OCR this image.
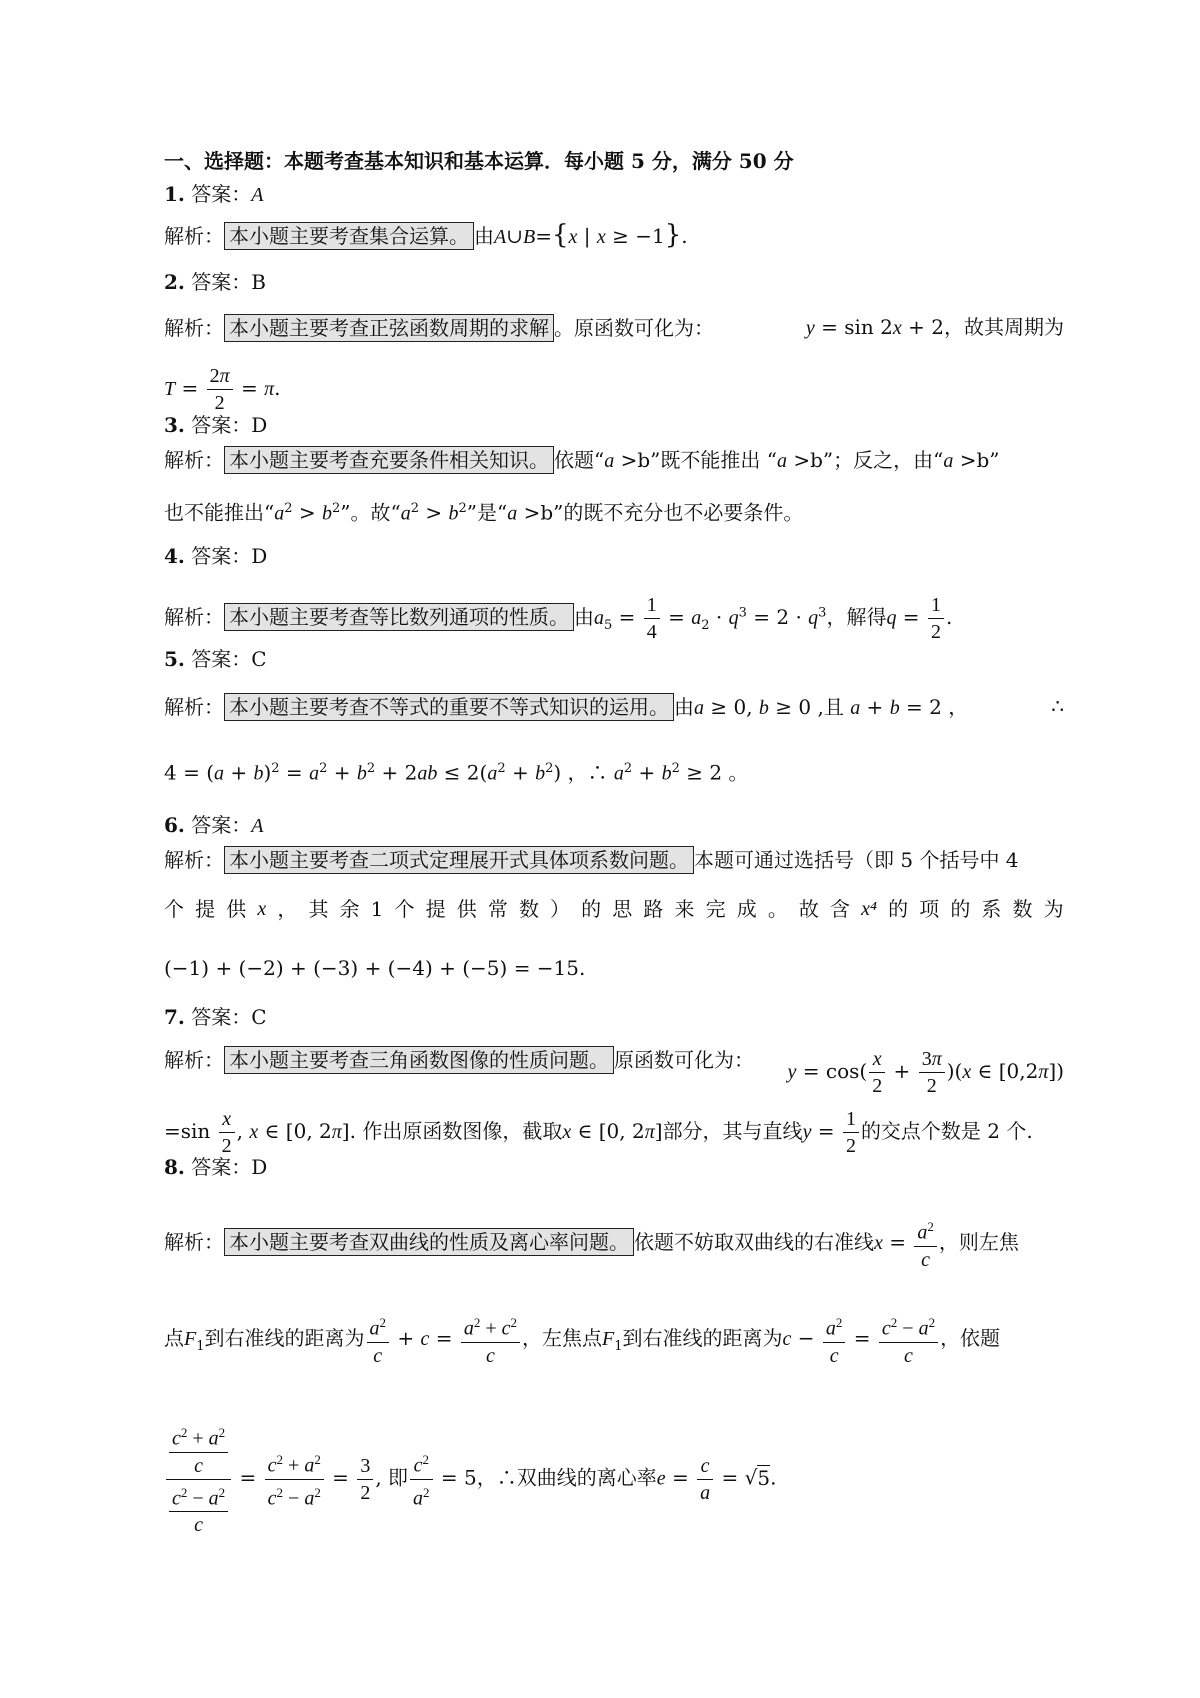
一、选择题：本题考查基本知识和基本运算．每小题 5 分，满分 50 分
1. 答案：A
解析： 本小题主要考查集合运算。 由A∪B={x | x ≥ −1}.
2. 答案：B
解析： 本小题主要考查正弦函数周期的求解 。原函数可化为：	y = sin 2x + 2，故其周期为
$T = \frac{2\pi}{2} = \pi$.
3. 答案：D
解析： 本小题主要考查充要条件相关知识。 依题“a >b”既不能推出 “a >b”；反之，由“a >b”
也不能推出“$a^2 > b^2$”。故“$a^2 > b^2$”是“a >b”的既不充分也不必要条件。
4. 答案：D
解析： 本小题主要考查等比数列通项的性质。 由$a_5 = \frac{1}{4} = a_2 \cdot q^3 = 2 \cdot q^3$，解得$q = \frac{1}{2}$ .
5. 答案：C
解析： 本小题主要考查不等式的重要不等式知识的运用。 由a ≥ 0, b ≥ 0 ,且 a + b = 2 ，	∴
$4 = (a + b)^2 = a^2 + b^2 + 2ab \le 2(a^2 + b^2)$ ，∴ $a^2 + b^2 \ge 2$ 。
6. 答案：A
解析： 本小题主要考查二项式定理展开式具体项系数问题。 本题可通过选括号（即 5 个括号中 4
个 提 供 x ， 其 余 1 个 提 供 常 数 ） 的 思 路 来 完 成 。 故 含 x⁴ 的 项 的 系 数 为
(−1) + (−2) + (−3) + (−4) + (−5) = −15.
7. 答案：C
解析： 本小题主要考查三角函数图像的性质问题。 原函数可化为： $y = \cos( \frac{x}{2} + \frac{3\pi}{2} )(x$ ∈ [0,2π])
$=\sin \frac{x}{2}$ , x ∈ [0, 2π]. 作出原函数图像，截取x ∈ [0, 2π]部分，其与直线$y = \frac{1}{2}$ 的交点个数是 2 个.
8. 答案：D
解析： 本小题主要考查双曲线的性质及离心率问题。 依题不妨取双曲线的右准线$x = \frac{a^2}{c}$ ，则左焦
点$F_1$到右准线的距离为 $\frac{a^2}{c} + c = \frac{a^2 + c^2}{c}$ ，左焦点$F_1$到右准线的距离为$c - \frac{a^2}{c} = \frac{c^2 - a^2}{c}$ ，依题
$\frac{\frac{c^2 + a^2}{c}}{\frac{c^2 - a^2}{c}} = \frac{c^2 + a^2}{c^2 - a^2} = \frac{3}{2}$ , 即 $\frac{c^2}{a^2} = 5$，∴双曲线的离心率$e = \frac{c}{a} = √5$.
